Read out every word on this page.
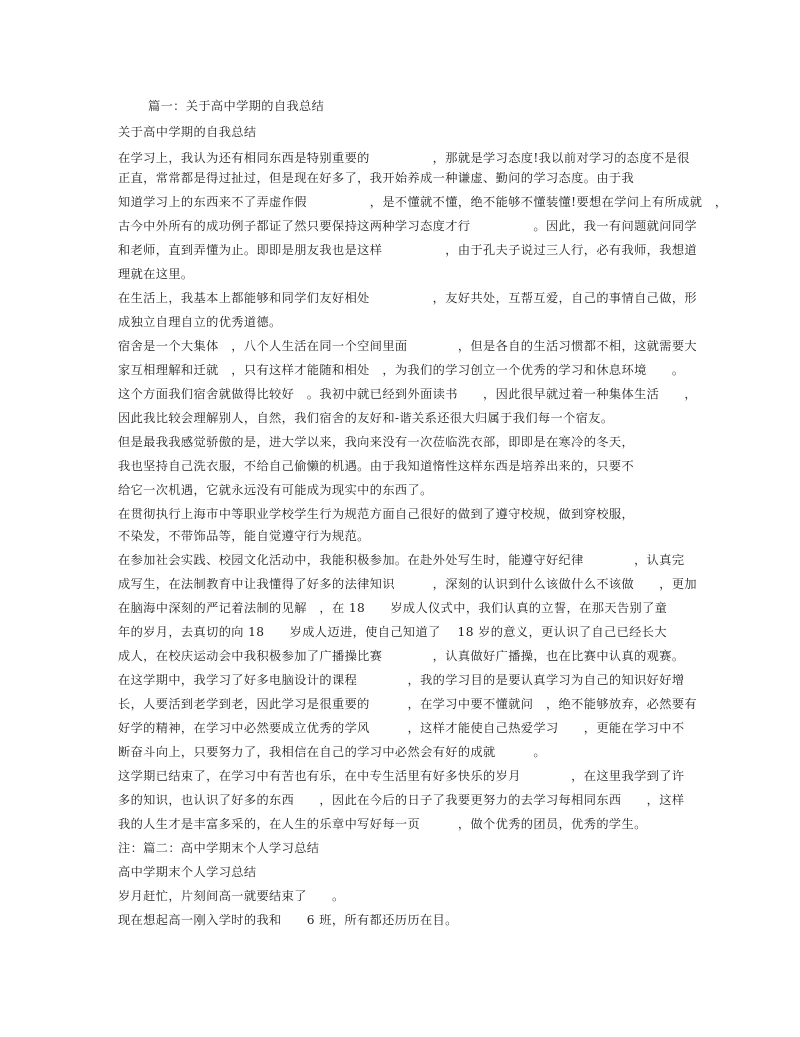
篇一：关于高中学期的自我总结
关于高中学期的自我总结
在学习上，我认为还有相同东西是特别重要的　　　　　，那就是学习态度!我以前对学习的态度不是很
正直，常常都是得过扯过，但是现在好多了，我开始养成一种谦虚、勤问的学习态度。由于我
知道学习上的东西来不了弄虚作假　　　　　，是不懂就不懂，绝不能够不懂装懂!要想在学问上有所成就　，
古今中外所有的成功例子都证了然只要保持这两种学习态度才行　　　　　。因此，我一有问题就问同学
和老师，直到弄懂为止。即即是朋友我也是这样　　　　　，由于孔夫子说过三人行，必有我师，我想道
理就在这里。
在生活上，我基本上都能够和同学们友好相处　　　　　，友好共处，互帮互爱，自己的事情自己做，形
成独立自理自立的优秀道德。
宿舍是一个大集体　，八个人生活在同一个空间里面　　　　，但是各自的生活习惯都不相，这就需要大
家互相理解和迁就　，只有这样才能随和相处　，为我们的学习创立一个优秀的学习和休息环境　　。
这个方面我们宿舍就做得比较好　。我初中就已经到外面读书　　，因此很早就过着一种集体生活　　，
因此我比较会理解别人，自然，我们宿舍的友好和-谐关系还很大归属于我们每一个宿友。
但是最我我感觉骄傲的是，进大学以来，我向来没有一次莅临洗衣部，即即是在寒冷的冬天，
我也坚持自己洗衣服，不给自己偷懒的机遇。由于我知道惰性这样东西是培养出来的，只要不
给它一次机遇，它就永远没有可能成为现实中的东西了。
在贯彻执行上海市中等职业学校学生行为规范方面自己很好的做到了遵守校规，做到穿校服，
不染发，不带饰品等，能自觉遵守行为规范。
在参加社会实践、校园文化活动中，我能积极参加。在赴外处写生时，能遵守好纪律　　　　，认真完
成写生，在法制教育中让我懂得了好多的法律知识　　　，深刻的认识到什么该做什么不该做　　，更加
在脑海中深刻的严记着法制的见解　，在 18　　岁成人仪式中，我们认真的立誓，在那天告别了童
年的岁月，去真切的向 18　　岁成人迈进，使自己知道了　 18 岁的意义，更认识了自己已经长大
成人，在校庆运动会中我积极参加了广播操比赛　　　　，认真做好广播操，也在比赛中认真的观赛。
在这学期中，我学习了好多电脑设计的课程　　　　，我的学习目的是要认真学习为自己的知识好好增
长，人要活到老学到老，因此学习是很重要的　　　，在学习中要不懂就问　，绝不能够放弃，必然要有
好学的精神，在学习中必然要成立优秀的学风　　　，这样才能使自己热爱学习　　，更能在学习中不
断奋斗向上，只要努力了，我相信在自己的学习中必然会有好的成就　　　。
这学期已结束了，在学习中有苦也有乐，在中专生活里有好多快乐的岁月　　　　，在这里我学到了许
多的知识，也认识了好多的东西　　，因此在今后的日子了我要更努力的去学习每相同东西　　，这样
我的人生才是丰富多采的，在人生的乐章中写好每一页　　　，做个优秀的团员，优秀的学生。
注：篇二：高中学期末个人学习总结
高中学期末个人学习总结
岁月赶忙，片刻间高一就要结束了　　。
现在想起高一刚入学时的我和　　6 班，所有都还历历在目。
